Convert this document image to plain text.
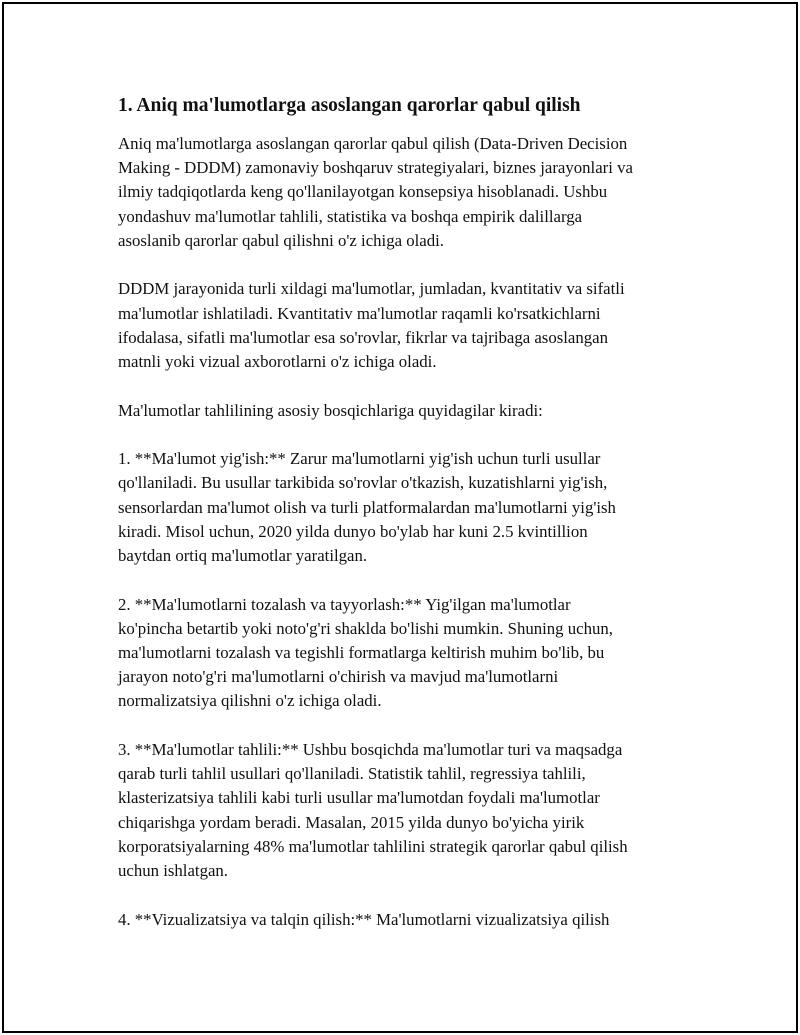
1. Aniq ma'lumotlarga asoslangan qarorlar qabul qilish

Aniq ma'lumotlarga asoslangan qarorlar qabul qilish (Data-Driven Decision
Making - DDDM) zamonaviy boshqaruv strategiyalari, biznes jarayonlari va
ilmiy tadqiqotlarda keng qo'llanilayotgan konsepsiya hisoblanadi. Ushbu
yondashuv ma'lumotlar tahlili, statistika va boshqa empirik dalillarga
asoslanib qarorlar qabul qilishni o'z ichiga oladi.

DDDM jarayonida turli xildagi ma'lumotlar, jumladan, kvantitativ va sifatli
ma'lumotlar ishlatiladi. Kvantitativ ma'lumotlar raqamli ko'rsatkichlarni
ifodalasa, sifatli ma'lumotlar esa so'rovlar, fikrlar va tajribaga asoslangan
matnli yoki vizual axborotlarni o'z ichiga oladi.

Ma'lumotlar tahlilining asosiy bosqichlariga quyidagilar kiradi:

1. **Ma'lumot yig'ish:** Zarur ma'lumotlarni yig'ish uchun turli usullar
qo'llaniladi. Bu usullar tarkibida so'rovlar o'tkazish, kuzatishlarni yig'ish,
sensorlardan ma'lumot olish va turli platformalardan ma'lumotlarni yig'ish
kiradi. Misol uchun, 2020 yilda dunyo bo'ylab har kuni 2.5 kvintillion
baytdan ortiq ma'lumotlar yaratilgan.

2. **Ma'lumotlarni tozalash va tayyorlash:** Yig'ilgan ma'lumotlar
ko'pincha betartib yoki noto'g'ri shaklda bo'lishi mumkin. Shuning uchun,
ma'lumotlarni tozalash va tegishli formatlarga keltirish muhim bo'lib, bu
jarayon noto'g'ri ma'lumotlarni o'chirish va mavjud ma'lumotlarni
normalizatsiya qilishni o'z ichiga oladi.

3. **Ma'lumotlar tahlili:** Ushbu bosqichda ma'lumotlar turi va maqsadga
qarab turli tahlil usullari qo'llaniladi. Statistik tahlil, regressiya tahlili,
klasterizatsiya tahlili kabi turli usullar ma'lumotdan foydali ma'lumotlar
chiqarishga yordam beradi. Masalan, 2015 yilda dunyo bo'yicha yirik
korporatsiyalarning 48% ma'lumotlar tahlilini strategik qarorlar qabul qilish
uchun ishlatgan.

4. **Vizualizatsiya va talqin qilish:** Ma'lumotlarni vizualizatsiya qilish
